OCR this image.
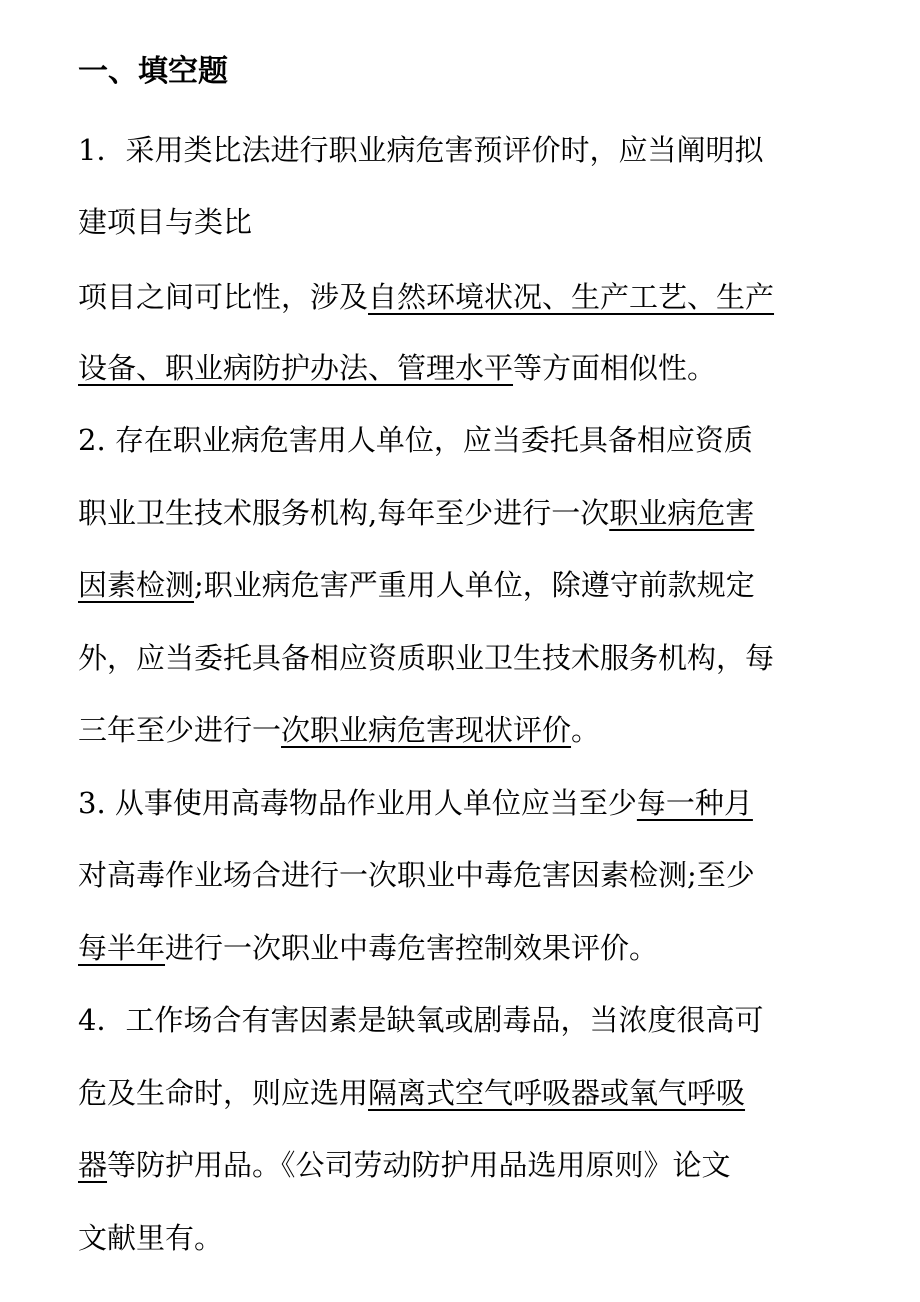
一、填空题

1．采用类比法进行职业病危害预评价时，应当阐明拟

建项目与类比

项目之间可比性，涉及自然环境状况、生产工艺、生产

设备、职业病防护办法、管理水平等方面相似性。

2. 存在职业病危害用人单位，应当委托具备相应资质

职业卫生技术服务机构,每年至少进行一次职业病危害

因素检测;职业病危害严重用人单位，除遵守前款规定

外，应当委托具备相应资质职业卫生技术服务机构，每

三年至少进行一次职业病危害现状评价。

3. 从事使用高毒物品作业用人单位应当至少每一种月

对高毒作业场合进行一次职业中毒危害因素检测;至少

每半年进行一次职业中毒危害控制效果评价。

4．工作场合有害因素是缺氧或剧毒品，当浓度很高可

危及生命时，则应选用隔离式空气呼吸器或氧气呼吸

器等防护用品。《公司劳动防护用品选用原则》论文

文献里有。
